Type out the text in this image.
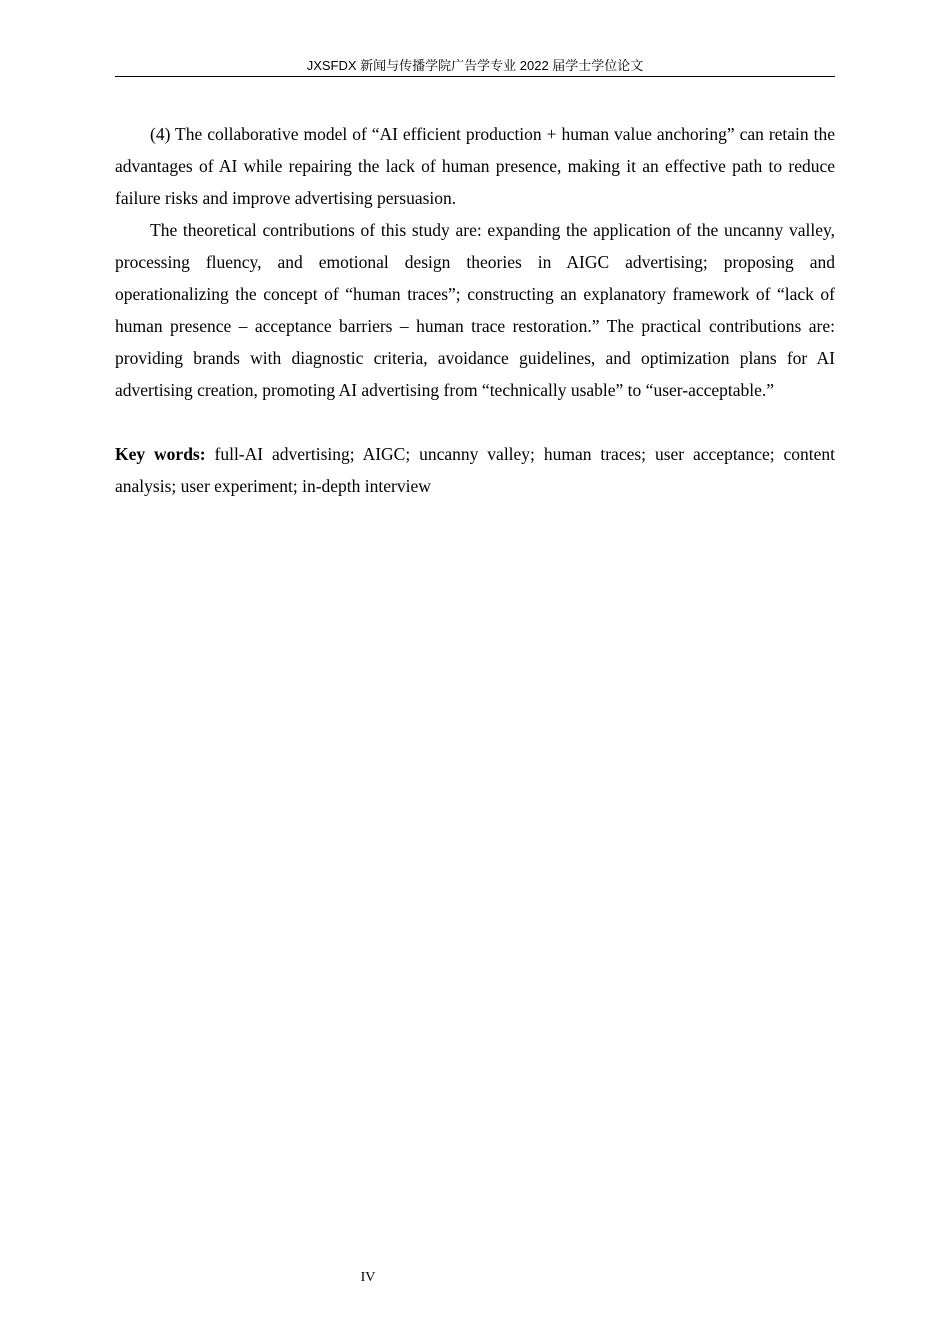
JXSFDX 新闻与传播学院广告学专业 2022 届学士学位论文

(4) The collaborative model of “AI efficient production + human value anchoring” can retain the advantages of AI while repairing the lack of human presence, making it an effective path to reduce failure risks and improve advertising persuasion.

The theoretical contributions of this study are: expanding the application of the uncanny valley, processing fluency, and emotional design theories in AIGC advertising; proposing and operationalizing the concept of “human traces”; constructing an explanatory framework of “lack of human presence – acceptance barriers – human trace restoration.” The practical contributions are: providing brands with diagnostic criteria, avoidance guidelines, and optimization plans for AI advertising creation, promoting AI advertising from “technically usable” to “user-acceptable.”

Key words: full-AI advertising; AIGC; uncanny valley; human traces; user acceptance; content analysis; user experiment; in-depth interview

IV
